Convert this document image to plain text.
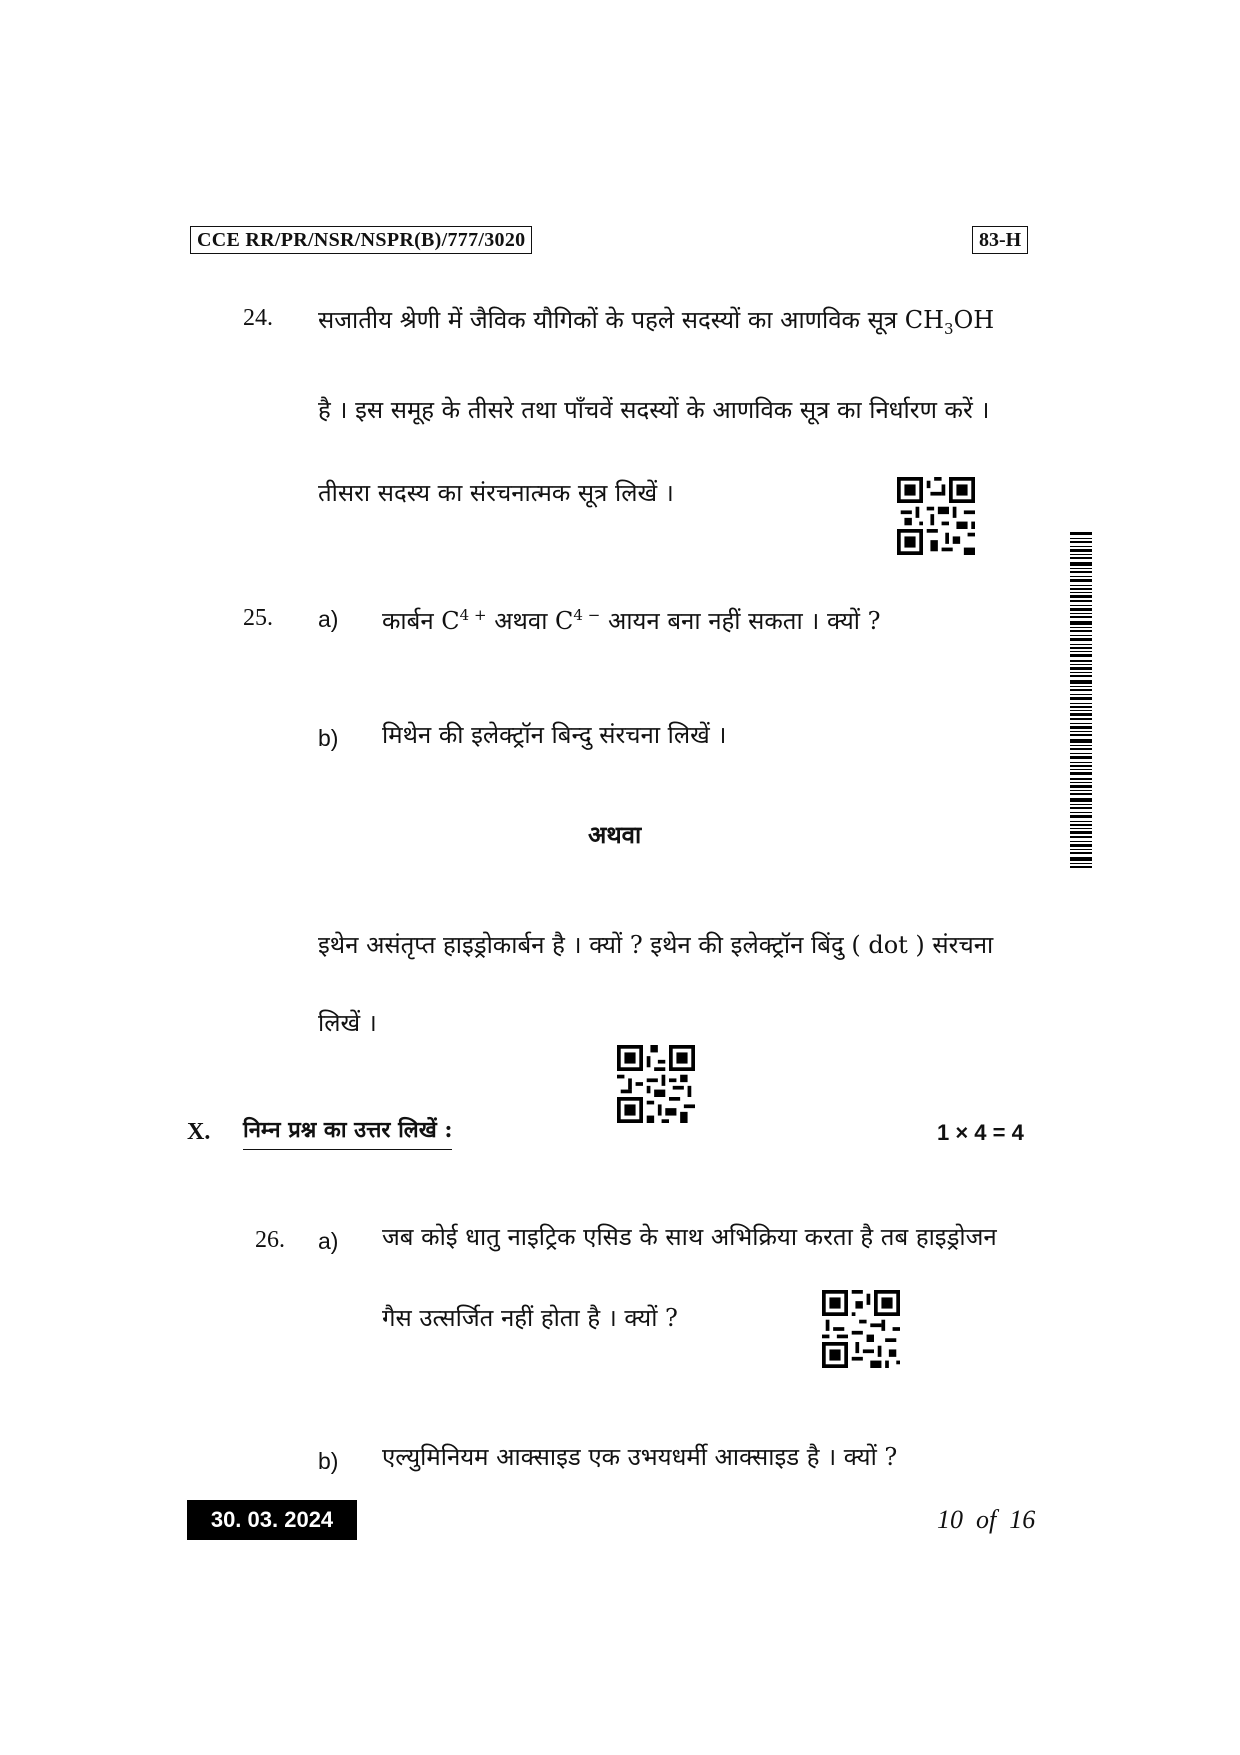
CCE RR/PR/NSR/NSPR(B)/777/3020	83-H
24. सजातीय श्रेणी में जैविक यौगिकों के पहले सदस्यों का आणविक सूत्र $CH_3OH$
है । इस समूह के तीसरे तथा पाँचवें सदस्यों के आणविक सूत्र का निर्धारण करें ।
तीसरा सदस्य का संरचनात्मक सूत्र लिखें ।
25. a) कार्बन $C^{4 +}$ अथवा $C^{4 -}$ आयन बना नहीं सकता । क्यों ?
b) मिथेन की इलेक्ट्रॉन बिन्दु संरचना लिखें ।
अथवा
इथेन असंतृप्त हाइड्रोकार्बन है । क्यों ? इथेन की इलेक्ट्रॉन बिंदु ( dot ) संरचना
लिखें ।
X. निम्न प्रश्न का उत्तर लिखें :	1 × 4 = 4
26. a) जब कोई धातु नाइट्रिक एसिड के साथ अभिक्रिया करता है तब हाइड्रोजन
गैस उत्सर्जित नहीं होता है । क्यों ?
b) एल्युमिनियम आक्साइड एक उभयधर्मी आक्साइड है । क्यों ?
30. 03. 2024	10  of  16
